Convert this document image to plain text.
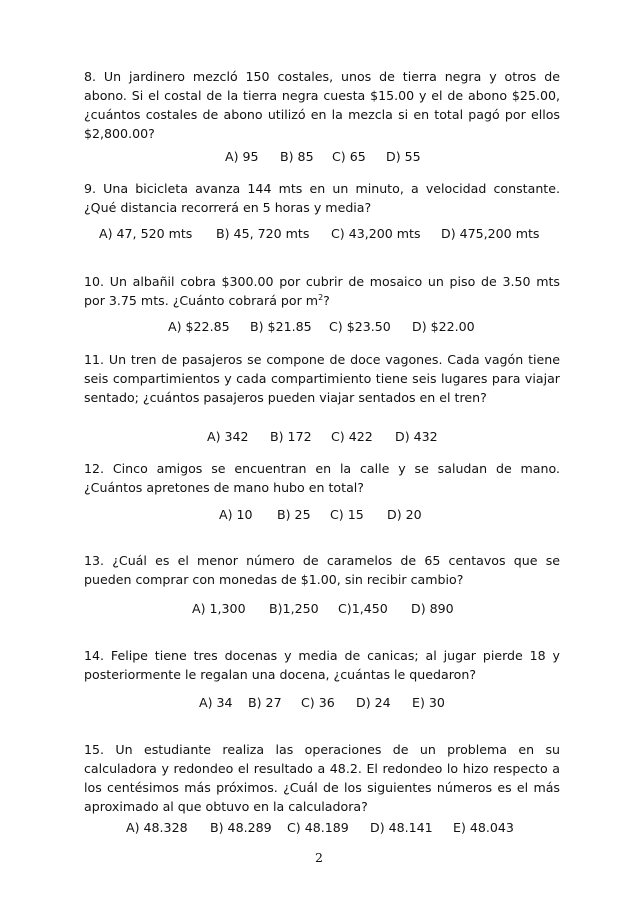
8. Un jardinero mezcló 150 costales, unos de tierra negra y otros de abono. Si el costal de la tierra negra cuesta $15.00 y el de abono $25.00, ¿cuántos costales de abono utilizó en la mezcla si en total pagó por ellos $2,800.00?

A) 95 B) 85 C) 65 D) 55

9. Una bicicleta avanza 144 mts en un minuto, a velocidad constante. ¿Qué distancia recorrerá en 5 horas y media?

A) 47, 520 mts B) 45, 720 mts C) 43,200 mts D) 475,200 mts

10. Un albañil cobra $300.00 por cubrir de mosaico un piso de 3.50 mts por 3.75 mts. ¿Cuánto cobrará por $m^2$?

A) $22.85 B) $21.85 C) $23.50 D) $22.00

11. Un tren de pasajeros se compone de doce vagones. Cada vagón tiene seis compartimientos y cada compartimiento tiene seis lugares para viajar sentado; ¿cuántos pasajeros pueden viajar sentados en el tren?

A) 342 B) 172 C) 422 D) 432

12. Cinco amigos se encuentran en la calle y se saludan de mano. ¿Cuántos apretones de mano hubo en total?

A) 10 B) 25 C) 15 D) 20

13. ¿Cuál es el menor número de caramelos de 65 centavos que se pueden comprar con monedas de $1.00, sin recibir cambio?

A) 1,300 B)1,250 C)1,450 D) 890

14. Felipe tiene tres docenas y media de canicas; al jugar pierde 18 y posteriormente le regalan una docena, ¿cuántas le quedaron?

A) 34 B) 27 C) 36 D) 24 E) 30

15. Un estudiante realiza las operaciones de un problema en su calculadora y redondeo el resultado a 48.2. El redondeo lo hizo respecto a los centésimos más próximos. ¿Cuál de los siguientes números es el más aproximado al que obtuvo en la calculadora?

A) 48.328 B) 48.289 C) 48.189 D) 48.141 E) 48.043
2
